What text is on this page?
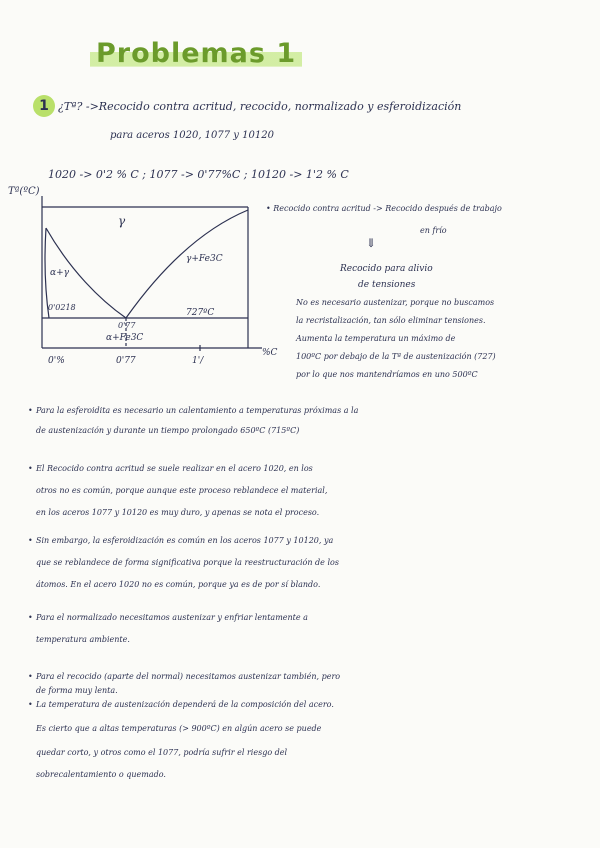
Problemas 1
1 ¿Tª? ->Recocido contra acritud, recocido, normalizado y esferoidización
para aceros 1020, 1077 y 10120
1020 -> 0'2 % C ; 1077 -> 0'77%C ; 10120 -> 1'2 % C
Tª(ºC)
γ
α+γ
γ+Fe3C
727ºC
0'0218
0'77
α+Fe3C
0'%	0'77	1'/
%C
• Recocido contra acritud -> Recocido después de trabajo
en frío
⇓
Recocido para alivio
de tensiones
No es necesario austenizar, porque no buscamos
la recristalización, tan sólo eliminar tensiones.
Aumenta la temperatura un máximo de
100ºC por debajo de la Tª de austenización (727)
por lo que nos mantendríamos en uno 500ºC
• Para la esferoidita es necesario un calentamiento a temperaturas próximas a la
de austenización y durante un tiempo prolongado 650ºC (715ºC)
• El Recocido contra acritud se suele realizar en el acero 1020, en los
otros no es común, porque aunque este proceso reblandece el material,
en los aceros 1077 y 10120 es muy duro, y apenas se nota el proceso.
• Sin embargo, la esferoidización es común en los aceros 1077 y 10120, ya
que se reblandece de forma significativa porque la reestructuración de los
átomos. En el acero 1020 no es común, porque ya es de por sí blando.
• Para el normalizado necesitamos austenizar y enfriar lentamente a
temperatura ambiente.
• Para el recocido (aparte del normal) necesitamos austenizar también, pero
de forma muy lenta.
• La temperatura de austenización dependerá de la composición del acero.
Es cierto que a altas temperaturas (> 900ºC) en algún acero se puede
quedar corto, y otros como el 1077, podría sufrir el riesgo del
sobrecalentamiento o quemado.
